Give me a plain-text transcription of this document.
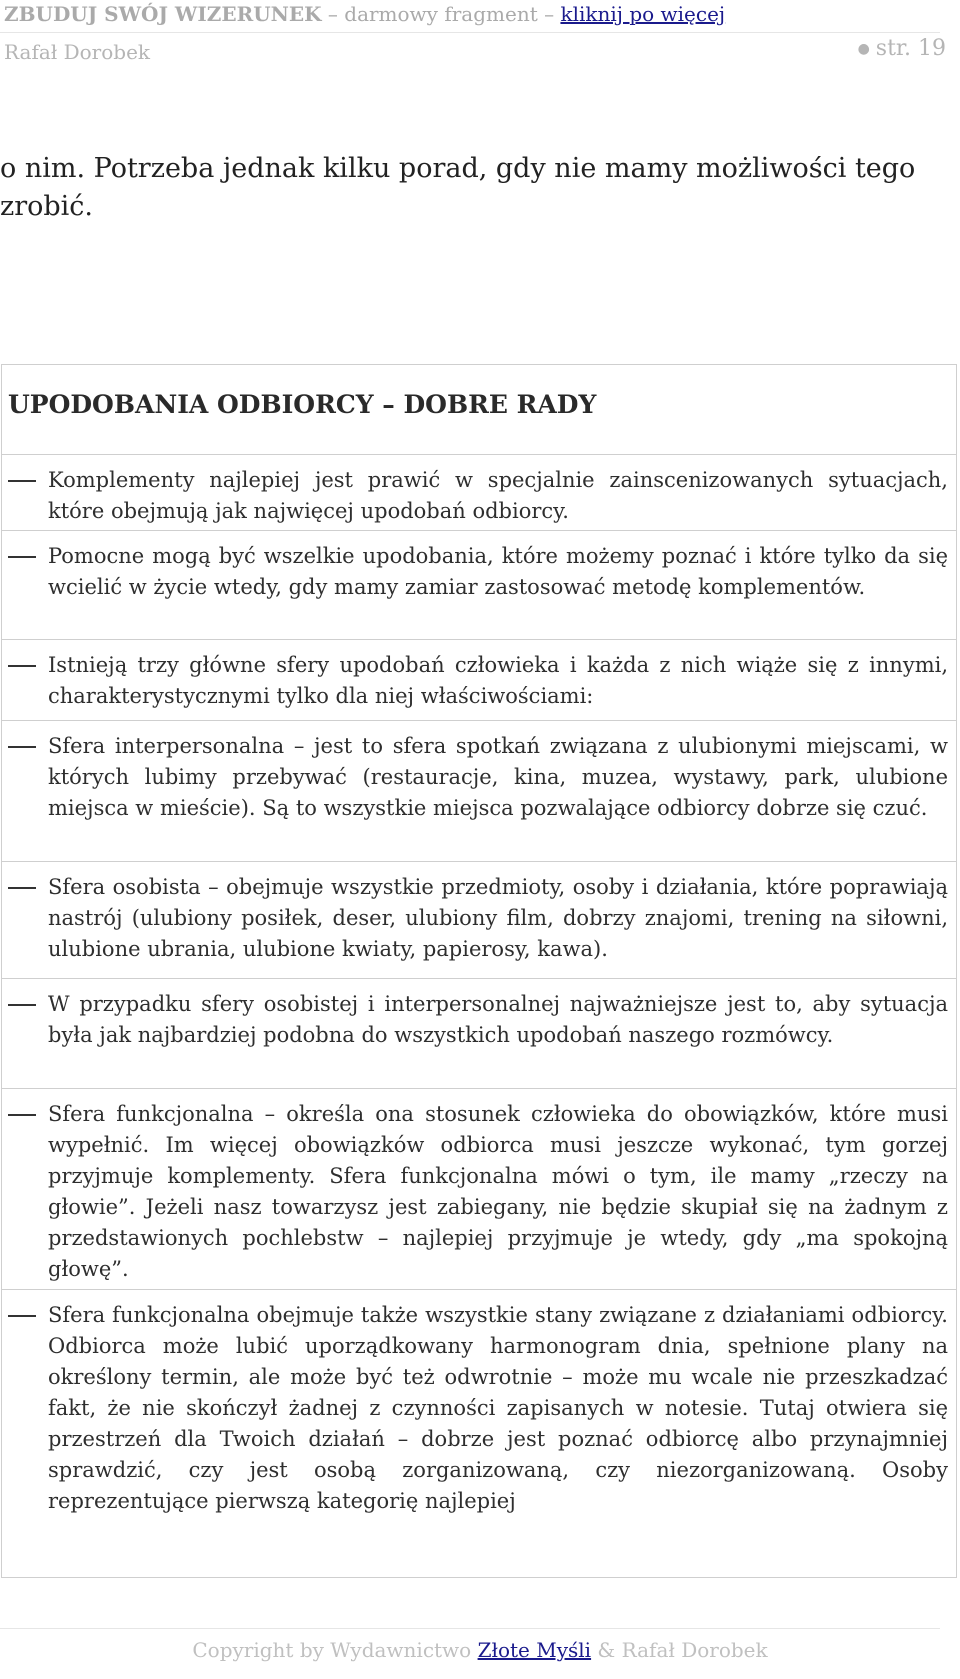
ZBUDUJ SWÓJ WIZERUNEK – darmowy fragment – kliknij po więcej
Rafał Dorobek	● str. 19
o nim. Potrzeba jednak kilku porad, gdy nie mamy możliwości tego zrobić.
UPODOBANIA ODBIORCY – DOBRE RADY
Komplementy najlepiej jest prawić w specjalnie zainscenizowanych sytuacjach, które obejmują jak najwięcej upodobań odbiorcy.
Pomocne mogą być wszelkie upodobania, które możemy poznać i które tylko da się wcielić w życie wtedy, gdy mamy zamiar zastosować metodę komplementów.
Istnieją trzy główne sfery upodobań człowieka i każda z nich wiąże się z innymi, charakterystycznymi tylko dla niej właściwościami:
Sfera interpersonalna – jest to sfera spotkań związana z ulubionymi miejscami, w których lubimy przebywać (restauracje, kina, muzea, wystawy, park, ulubione miejsca w mieście). Są to wszystkie miejsca pozwalające odbiorcy dobrze się czuć.
Sfera osobista – obejmuje wszystkie przedmioty, osoby i działania, które poprawiają nastrój (ulubiony posiłek, deser, ulubiony film, dobrzy znajomi, trening na siłowni, ulubione ubrania, ulubione kwiaty, papierosy, kawa).
W przypadku sfery osobistej i interpersonalnej najważniejsze jest to, aby sytuacja była jak najbardziej podobna do wszystkich upodobań naszego rozmówcy.
Sfera funkcjonalna – określa ona stosunek człowieka do obowiązków, które musi wypełnić. Im więcej obowiązków odbiorca musi jeszcze wykonać, tym gorzej przyjmuje komplementy. Sfera funkcjonalna mówi o tym, ile mamy „rzeczy na głowie”. Jeżeli nasz towarzysz jest zabiegany, nie będzie skupiał się na żadnym z przedstawionych pochlebstw – najlepiej przyjmuje je wtedy, gdy „ma spokojną głowę”.
Sfera funkcjonalna obejmuje także wszystkie stany związane z działaniami odbiorcy. Odbiorca może lubić uporządkowany harmonogram dnia, spełnione plany na określony termin, ale może być też odwrotnie – może mu wcale nie przeszkadzać fakt, że nie skończył żadnej z czynności zapisanych w notesie. Tutaj otwiera się przestrzeń dla Twoich działań – dobrze jest poznać odbiorcę albo przynajmniej sprawdzić, czy jest osobą zorganizowaną, czy niezorganizowaną. Osoby reprezentujące pierwszą kategorię najlepiej
Copyright by Wydawnictwo Złote Myśli & Rafał Dorobek
